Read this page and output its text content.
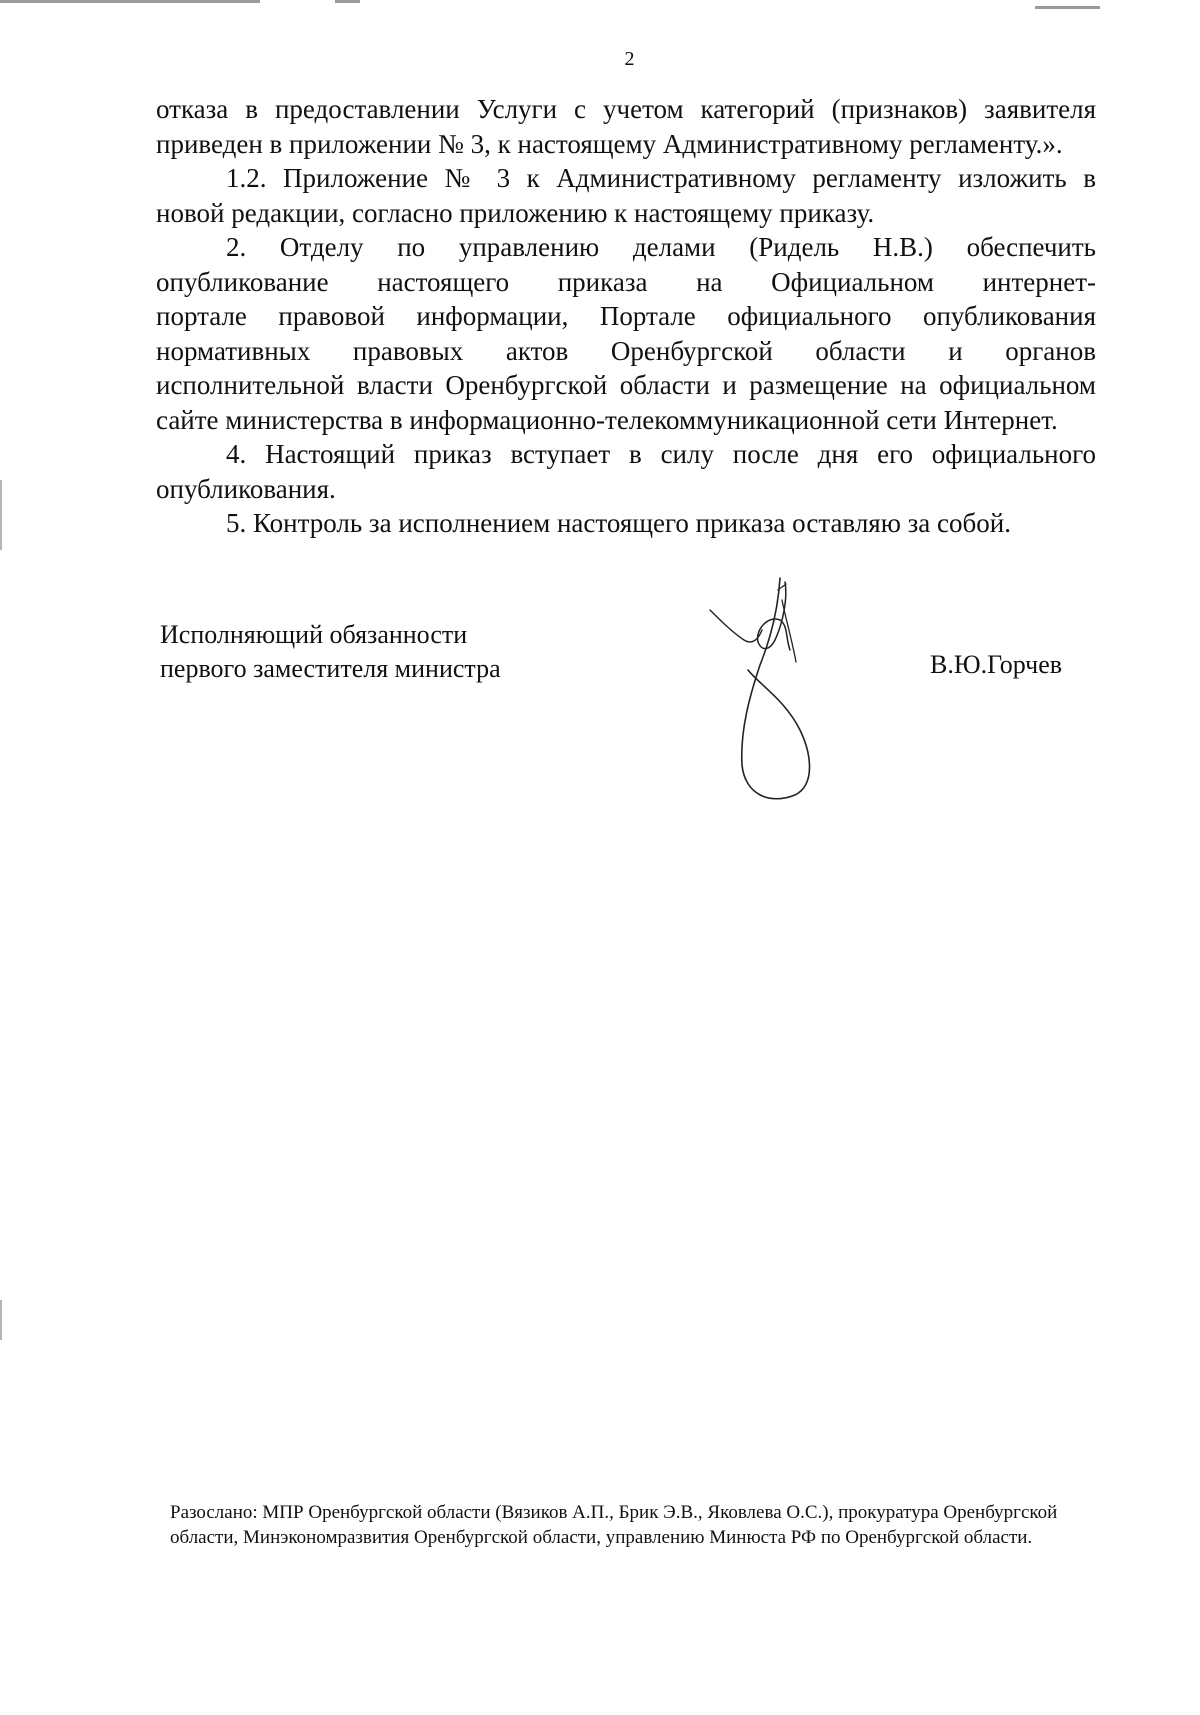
2

отказа в предоставлении Услуги с учетом категорий (признаков) заявителя
приведен в приложении № 3, к настоящему Административному регламенту.».

1.2. Приложение № 3 к Административному регламенту изложить в
новой редакции, согласно приложению к настоящему приказу.

2. Отделу по управлению делами (Ридель Н.В.) обеспечить
опубликование настоящего приказа на Официальном интернет-
портале правовой информации, Портале официального опубликования
нормативных правовых актов Оренбургской области и органов
исполнительной власти Оренбургской области и размещение на официальном
сайте министерства в информационно-телекоммуникационной сети Интернет.

4. Настоящий приказ вступает в силу после дня его официального
опубликования.

5. Контроль за исполнением настоящего приказа оставляю за собой.

Исполняющий обязанности
первого заместителя министра	В.Ю.Горчев
Разослано: МПР Оренбургской области (Вязиков А.П., Брик Э.В., Яковлева О.С.), прокуратура Оренбургской
области, Минэкономразвития Оренбургской области, управлению Минюста РФ по Оренбургской области.
